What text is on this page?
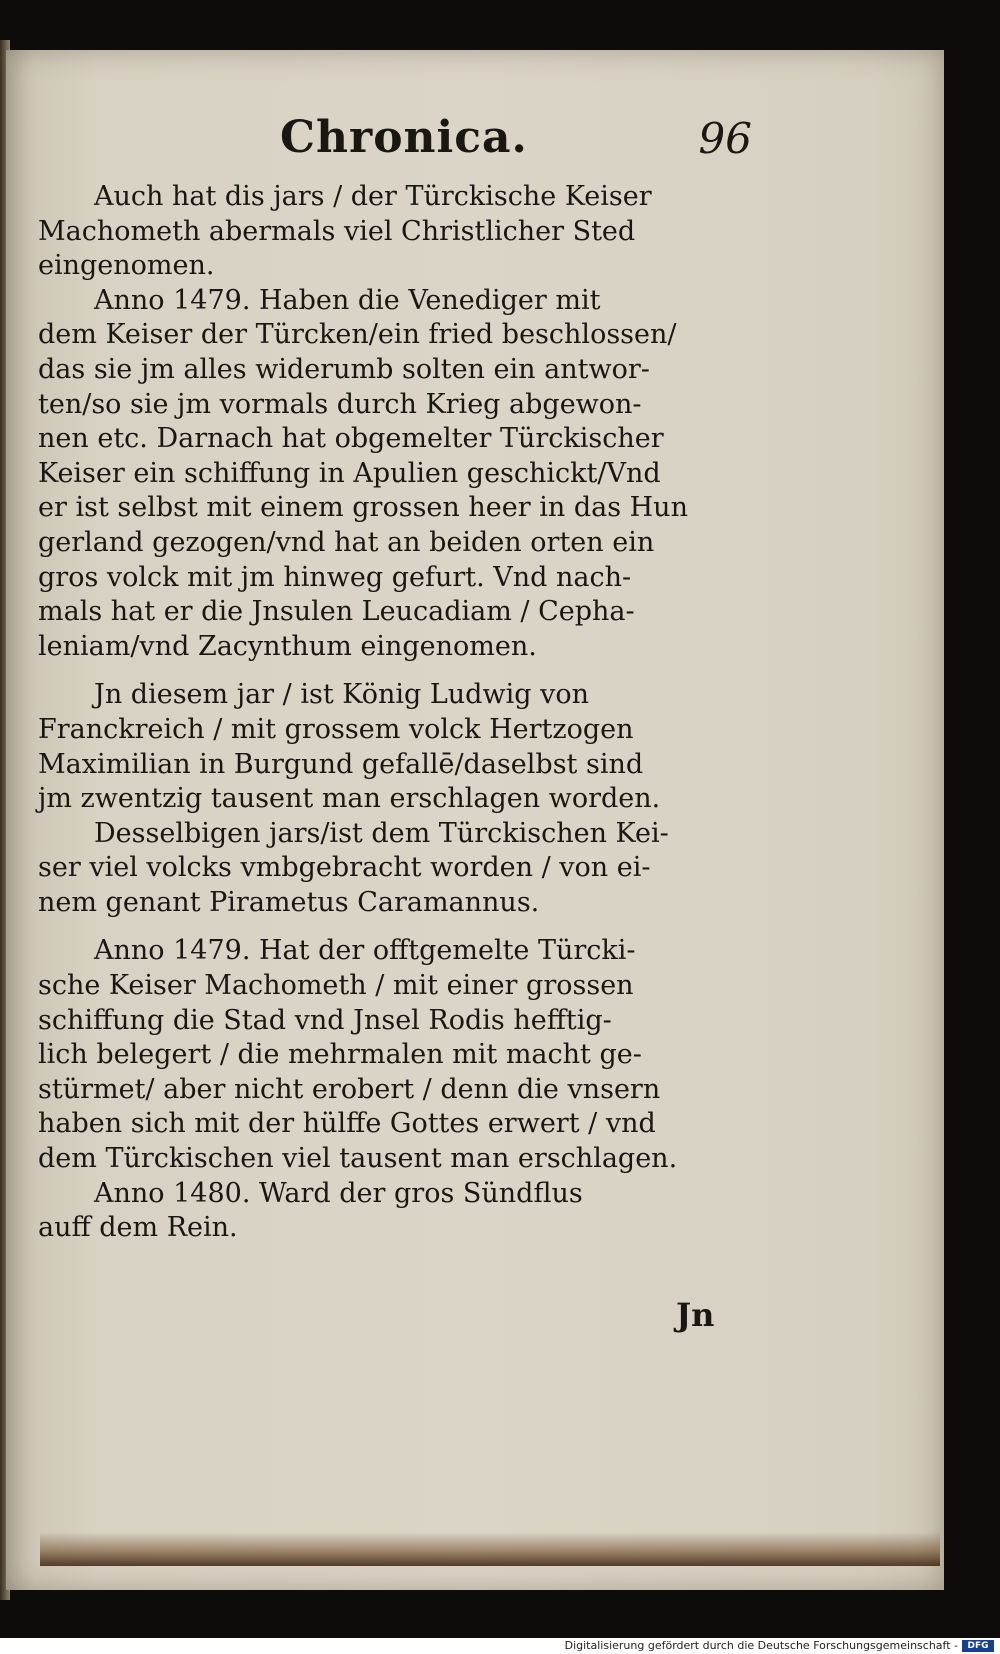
Chronica.	96

Auch hat dis jars / der Türckische Keiser
Machometh abermals viel Christlicher Sted
eingenomen.

Anno 1479. Haben die Venediger mit
dem Keiser der Türcken/ein fried beschlossen/
das sie jm alles widerumb solten ein antwor-
ten/so sie jm vormals durch Krieg abgewon-
nen etc. Darnach hat obgemelter Türckischer
Keiser ein schiffung in Apulien geschickt/Vnd
er ist selbst mit einem grossen heer in das Hun
gerland gezogen/vnd hat an beiden orten ein
gros volck mit jm hinweg gefurt. Vnd nach-
mals hat er die Jnsulen Leucadiam / Cepha-
leniam/vnd Zacynthum eingenomen.

Jn diesem jar / ist König Ludwig von
Franckreich / mit grossem volck Hertzogen
Maximilian in Burgund gefallē/daselbst sind
jm zwentzig tausent man erschlagen worden.

Desselbigen jars/ist dem Türckischen Kei-
ser viel volcks vmbgebracht worden / von ei-
nem genant Pirametus Caramannus.

Anno 1479. Hat der offtgemelte Türcki-
sche Keiser Machometh / mit einer grossen
schiffung die Stad vnd Jnsel Rodis hefftig-
lich belegert / die mehrmalen mit macht ge-
stürmet/ aber nicht erobert / denn die vnsern
haben sich mit der hülffe Gottes erwert / vnd
dem Türckischen viel tausent man erschlagen.

Anno 1480. Ward der gros Sündflus
auff dem Rein.

Jn
Digitalisierung gefördert durch die Deutsche Forschungsgemeinschaft -	DFG
